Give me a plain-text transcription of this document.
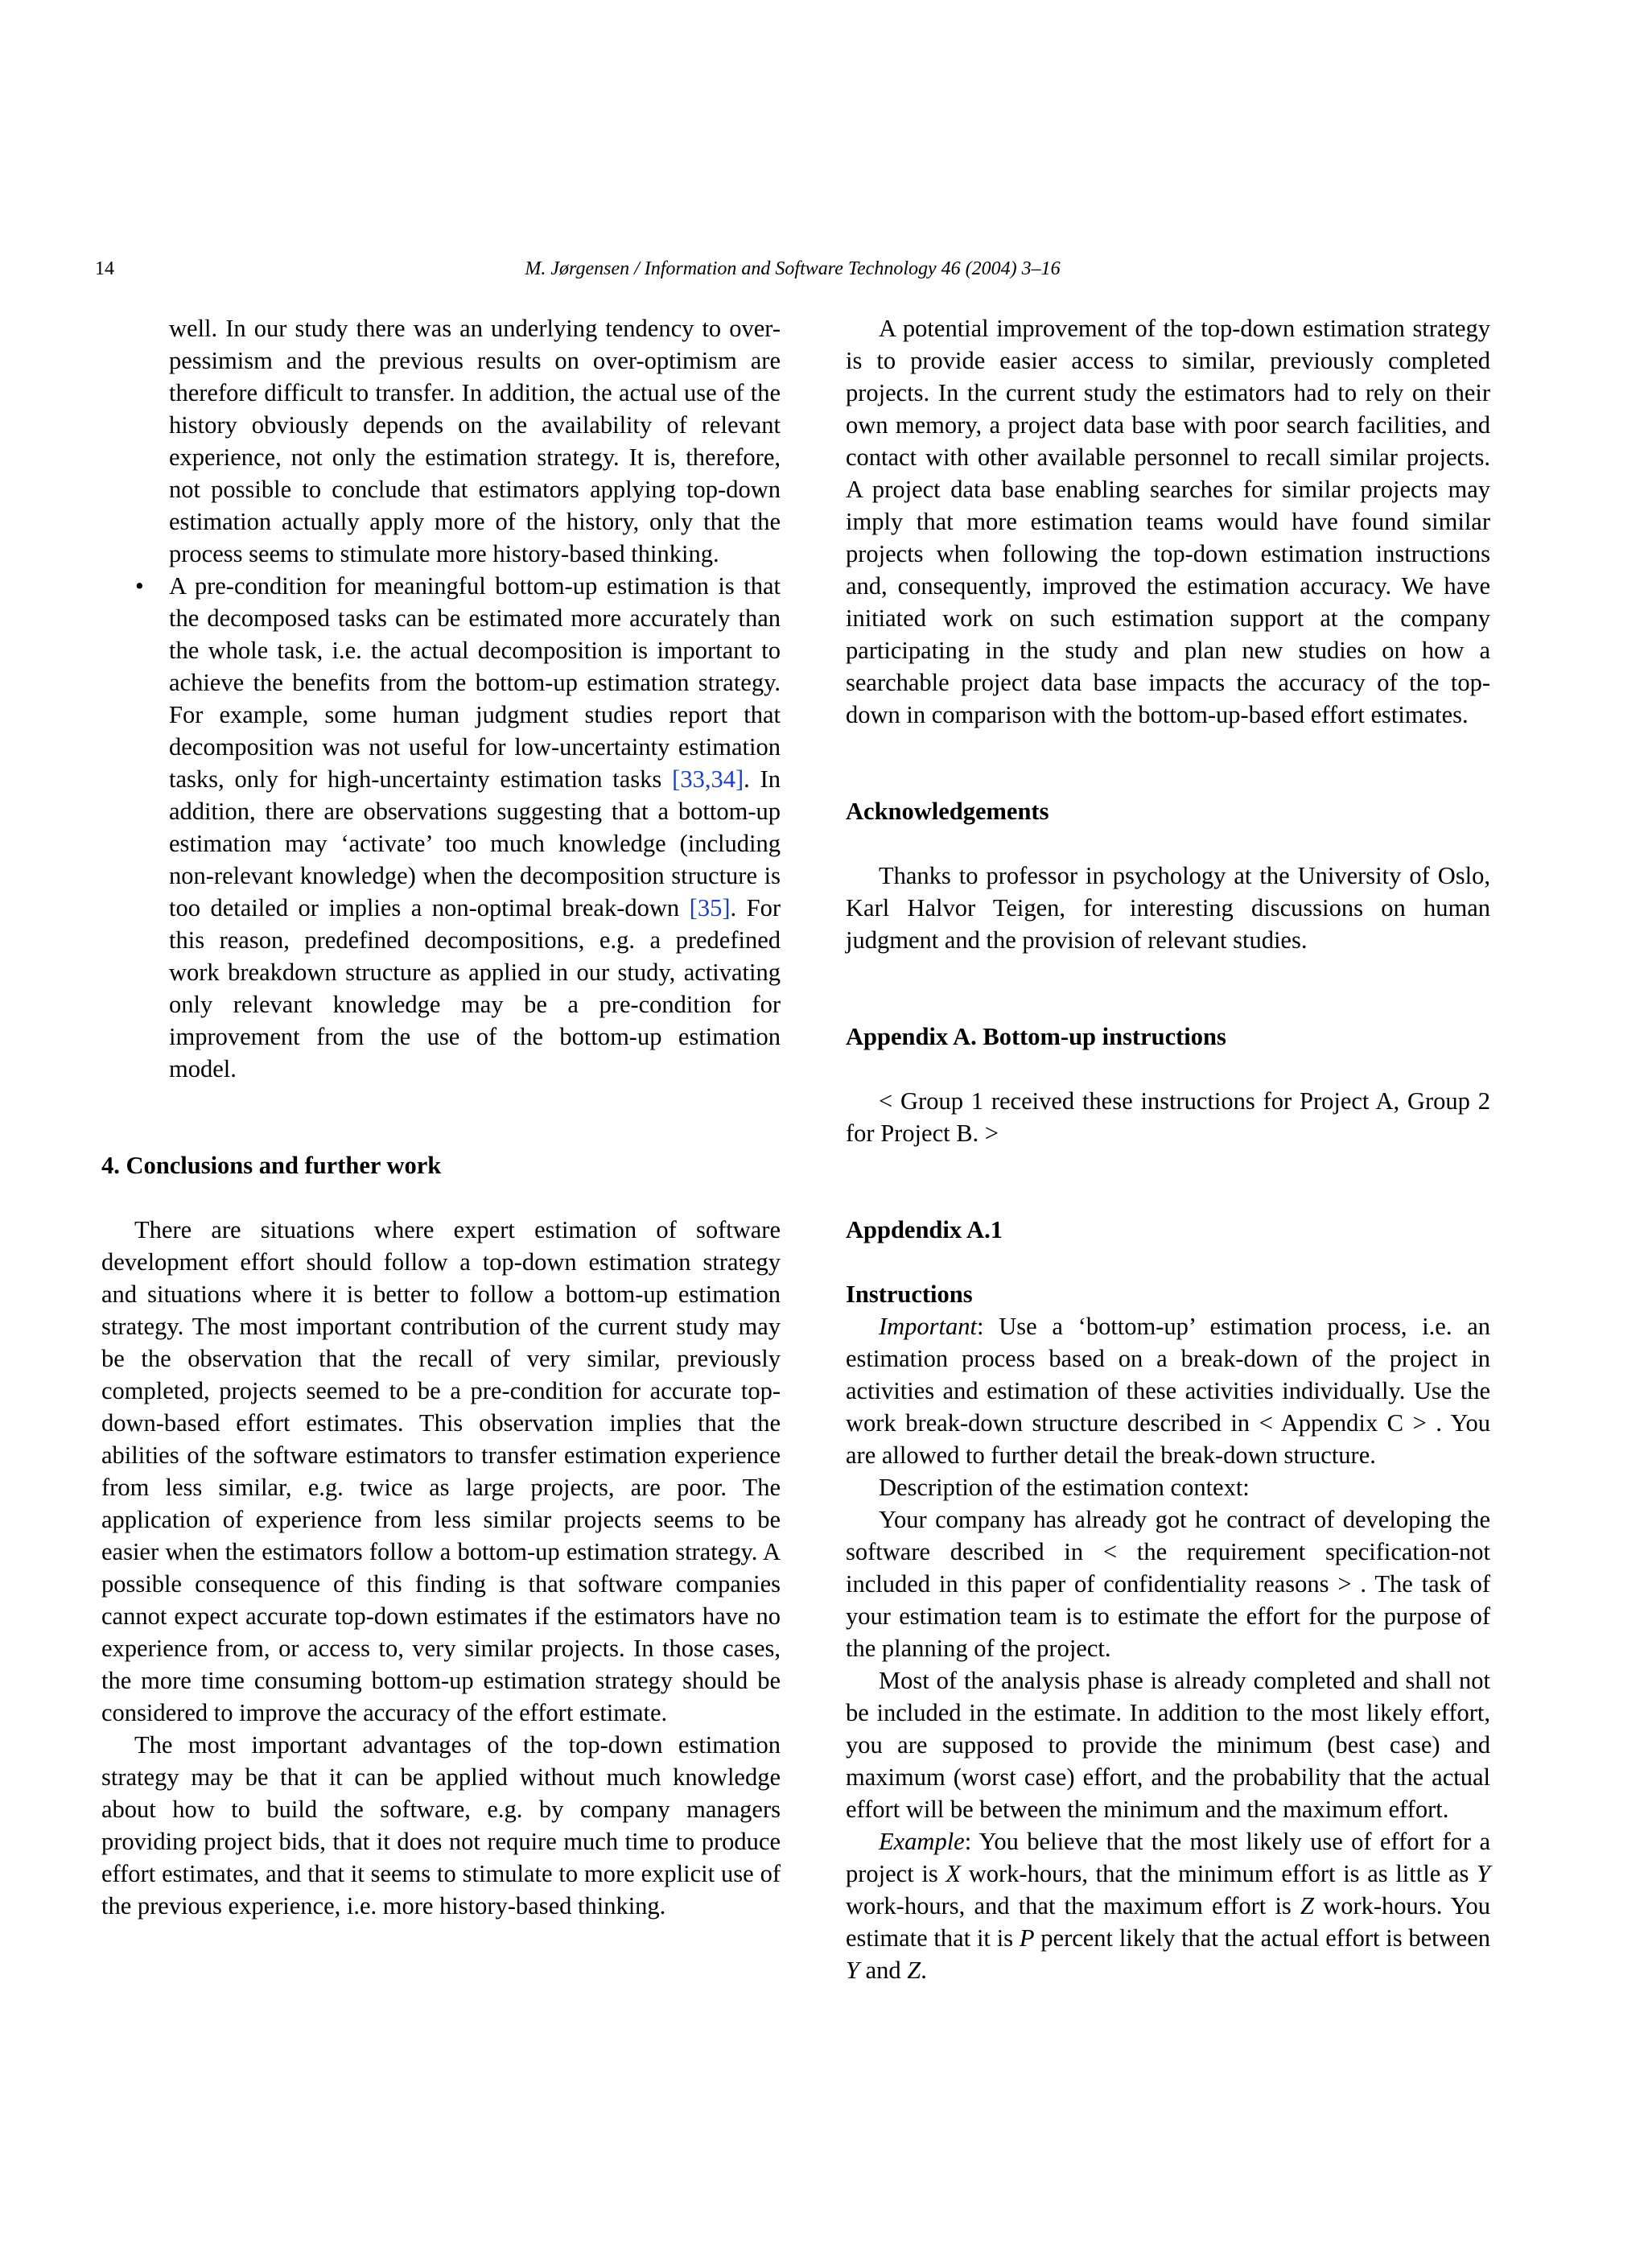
14	M. Jørgensen / Information and Software Technology 46 (2004) 3–16

well. In our study there was an underlying tendency to over-pessimism and the previous results on over-optimism are therefore difficult to transfer. In addition, the actual use of the history obviously depends on the availability of relevant experience, not only the estimation strategy. It is, therefore, not possible to conclude that estimators applying top-down estimation actually apply more of the history, only that the process seems to stimulate more history-based thinking.

• A pre-condition for meaningful bottom-up estimation is that the decomposed tasks can be estimated more accurately than the whole task, i.e. the actual decomposition is important to achieve the benefits from the bottom-up estimation strategy. For example, some human judgment studies report that decomposition was not useful for low-uncertainty estimation tasks, only for high-uncertainty estimation tasks [33,34]. In addition, there are observations suggesting that a bottom-up estimation may ‘activate’ too much knowledge (including non-relevant knowledge) when the decomposition structure is too detailed or implies a non-optimal break-down [35]. For this reason, predefined decompositions, e.g. a predefined work breakdown structure as applied in our study, activating only relevant knowledge may be a pre-condition for improvement from the use of the bottom-up estimation model.

4. Conclusions and further work

There are situations where expert estimation of software development effort should follow a top-down estimation strategy and situations where it is better to follow a bottom-up estimation strategy. The most important contribution of the current study may be the observation that the recall of very similar, previously completed, projects seemed to be a pre-condition for accurate top-down-based effort estimates. This observation implies that the abilities of the software estimators to transfer estimation experience from less similar, e.g. twice as large projects, are poor. The application of experience from less similar projects seems to be easier when the estimators follow a bottom-up estimation strategy. A possible consequence of this finding is that software companies cannot expect accurate top-down estimates if the estimators have no experience from, or access to, very similar projects. In those cases, the more time consuming bottom-up estimation strategy should be considered to improve the accuracy of the effort estimate.

The most important advantages of the top-down estimation strategy may be that it can be applied without much knowledge about how to build the software, e.g. by company managers providing project bids, that it does not require much time to produce effort estimates, and that it seems to stimulate to more explicit use of the previous experience, i.e. more history-based thinking.

A potential improvement of the top-down estimation strategy is to provide easier access to similar, previously completed projects. In the current study the estimators had to rely on their own memory, a project data base with poor search facilities, and contact with other available personnel to recall similar projects. A project data base enabling searches for similar projects may imply that more estimation teams would have found similar projects when following the top-down estimation instructions and, consequently, improved the estimation accuracy. We have initiated work on such estimation support at the company participating in the study and plan new studies on how a searchable project data base impacts the accuracy of the top-down in comparison with the bottom-up-based effort estimates.

Acknowledgements

Thanks to professor in psychology at the University of Oslo, Karl Halvor Teigen, for interesting discussions on human judgment and the provision of relevant studies.

Appendix A. Bottom-up instructions

< Group 1 received these instructions for Project A, Group 2 for Project B. >

Appdendix A.1
Instructions

Important: Use a ‘bottom-up’ estimation process, i.e. an estimation process based on a break-down of the project in activities and estimation of these activities individually. Use the work break-down structure described in < Appendix C > . You are allowed to further detail the break-down structure.

Description of the estimation context:

Your company has already got he contract of developing the software described in < the requirement specification-not included in this paper of confidentiality reasons > . The task of your estimation team is to estimate the effort for the purpose of the planning of the project.

Most of the analysis phase is already completed and shall not be included in the estimate. In addition to the most likely effort, you are supposed to provide the minimum (best case) and maximum (worst case) effort, and the probability that the actual effort will be between the minimum and the maximum effort.

Example: You believe that the most likely use of effort for a project is X work-hours, that the minimum effort is as little as Y work-hours, and that the maximum effort is Z work-hours. You estimate that it is P percent likely that the actual effort is between Y and Z.
